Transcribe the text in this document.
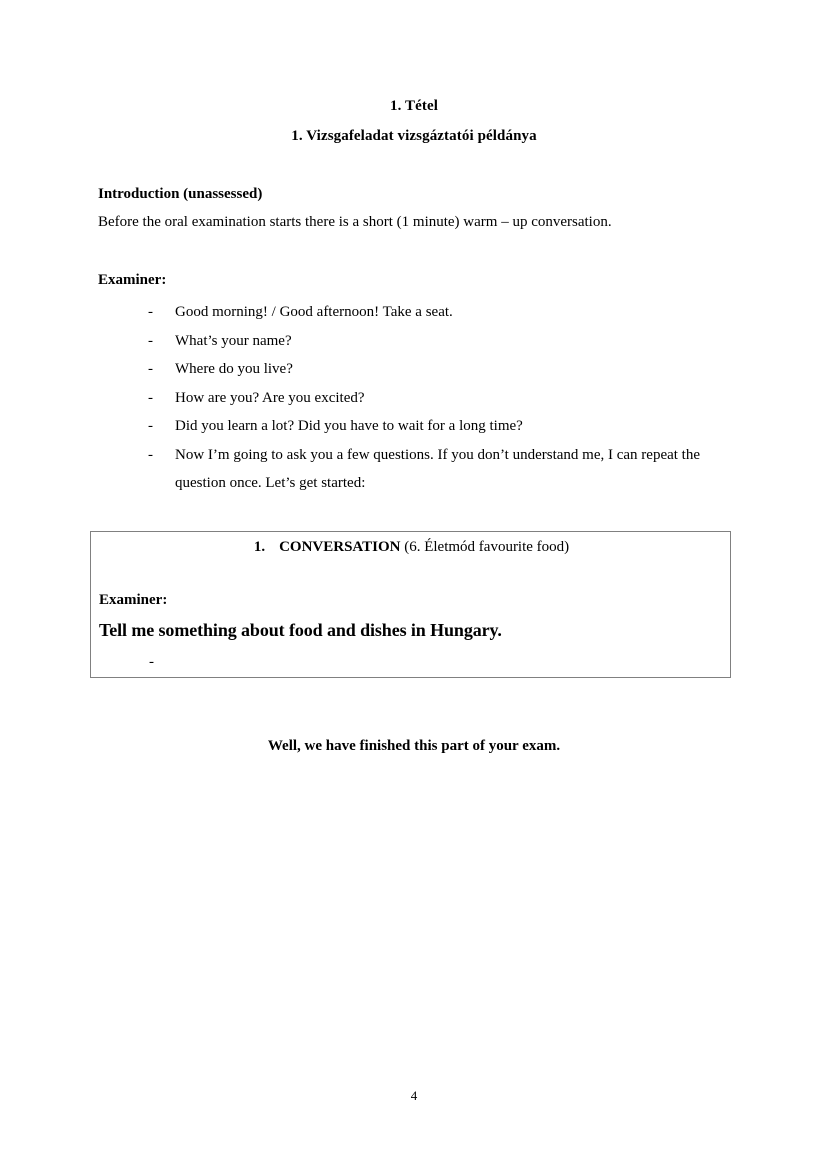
1. Tétel
1. Vizsgafeladat vizsgáztatói példánya
Introduction (unassessed)
Before the oral examination starts there is a short (1 minute) warm – up conversation.
Examiner:
- Good morning! / Good afternoon! Take a seat.
- What’s your name?
- Where do you live?
- How are you? Are you excited?
- Did you learn a lot? Did you have to wait for a long time?
- Now I’m going to ask you a few questions. If you don’t understand me, I can repeat the question once. Let’s get started:
1. CONVERSATION (6. Életmód favourite food)
Examiner:
Tell me something about food and dishes in Hungary.
-
Well, we have finished this part of your exam.
4
